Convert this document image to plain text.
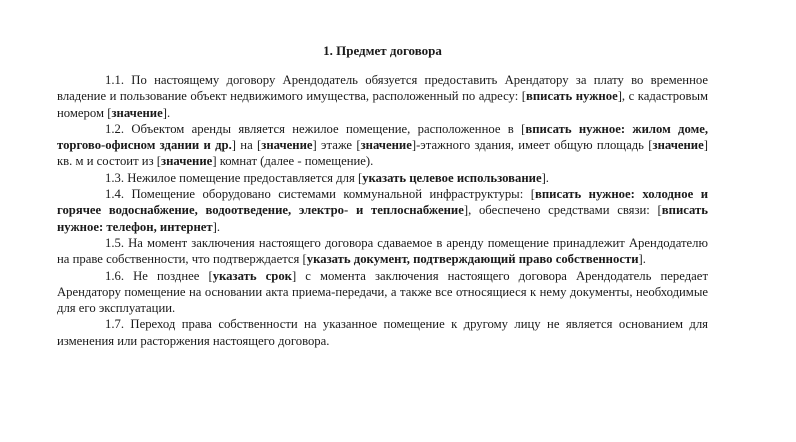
1. Предмет договора

1.1. По настоящему договору Арендодатель обязуется предоставить Арендатору за плату во временное владение и пользование объект недвижимого имущества, расположенный по адресу: [вписать нужное], с кадастровым номером [значение].

1.2. Объектом аренды является нежилое помещение, расположенное в [вписать нужное: жилом доме, торгово-офисном здании и др.] на [значение] этаже [значение]-этажного здания, имеет общую площадь [значение] кв. м и состоит из [значение] комнат (далее - помещение).

1.3. Нежилое помещение предоставляется для [указать целевое использование].

1.4. Помещение оборудовано системами коммунальной инфраструктуры: [вписать нужное: холодное и горячее водоснабжение, водоотведение, электро- и теплоснабжение], обеспечено средствами связи: [вписать нужное: телефон, интернет].

1.5. На момент заключения настоящего договора сдаваемое в аренду помещение принадлежит Арендодателю на праве собственности, что подтверждается [указать документ, подтверждающий право собственности].

1.6. Не позднее [указать срок] с момента заключения настоящего договора Арендодатель передает Арендатору помещение на основании акта приема-передачи, а также все относящиеся к нему документы, необходимые для его эксплуатации.

1.7. Переход права собственности на указанное помещение к другому лицу не является основанием для изменения или расторжения настоящего договора.
